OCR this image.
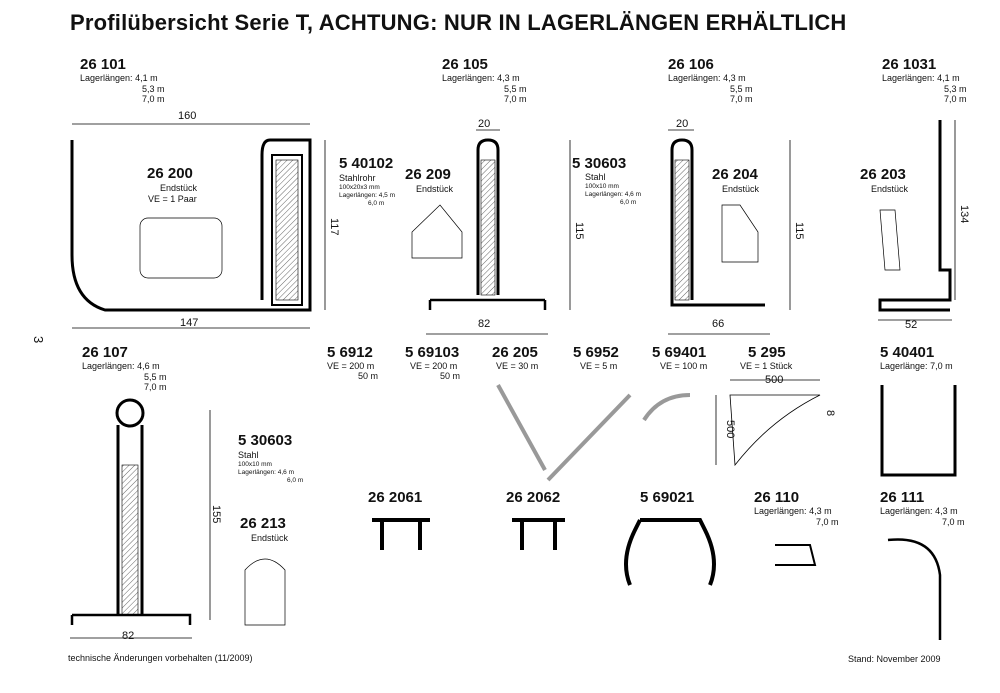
Profilübersicht Serie T, ACHTUNG: NUR IN LAGERLÄNGEN ERHÄLTLICH
3
26 101
Lagerlängen: 4,1 m
5,3 m
7,0 m
26 200
Endstück
VE = 1 Paar
5 40102
Stahlrohr
100x20x3 mm
Lagerlängen: 4,5 m
6,0 m
160
117
147
26 105
Lagerlängen: 4,3 m
5,5 m
7,0 m
26 209
Endstück
5 30603
Stahl
100x10 mm
Lagerlängen: 4,6 m
6,0 m
20
115
82
26 106
Lagerlängen: 4,3 m
5,5 m
7,0 m
26 204
Endstück
20
115
66
26 1031
Lagerlängen: 4,1 m
5,3 m
7,0 m
26 203
Endstück
134
52
26 107
Lagerlängen: 4,6 m
5,5 m
7,0 m
5 30603
Stahl
100x10 mm
Lagerlängen: 4,6 m
6,0 m
26 213
Endstück
155
82
5 6912
VE = 200 m
50 m
5 69103
VE = 200 m
50 m
26 205
VE = 30 m
5 6952
VE = 5 m
5 69401
VE = 100 m
5 295
VE = 1 Stück
500
500
8
5 40401
Lagerlänge: 7,0 m
26 2061	26 2062	5 69021	26 110
Lagerlängen: 4,3 m
7,0 m
26 111
Lagerlängen: 4,3 m
7,0 m
technische Änderungen vorbehalten (11/2009)	Stand: November 2009
